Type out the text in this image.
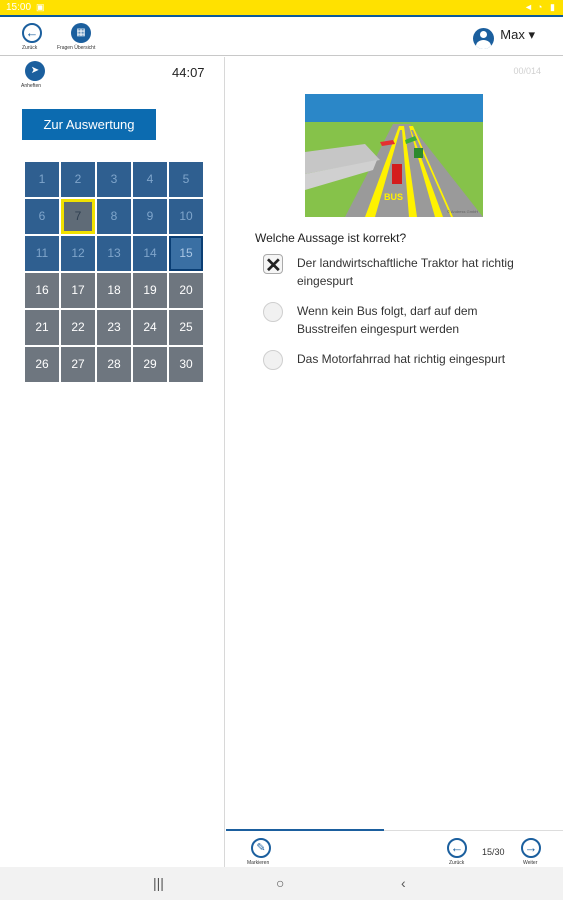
15:00 ▣	◄ ◔ ▮
←
Zurück
▦
Fragen Übersicht
Max ▾
➤
Anheften
44:07
Zur Auswertung
1	2	3	4	5
6	7	8	9	10
11	12	13	14	15
16	17	18	19	20
21	22	23	24	25
26	27	28	29	30
00/014
BUS
© Andress GmbH
Welche Aussage ist korrekt?
✕
Der landwirtschaftliche Traktor hat richtig eingespurt
Wenn kein Bus folgt, darf auf dem Busstreifen eingespurt werden
Das Motorfahrrad hat richtig eingespurt
✎
Markieren
←
Zurück
15/30 →
Weiter
|||	○	‹
